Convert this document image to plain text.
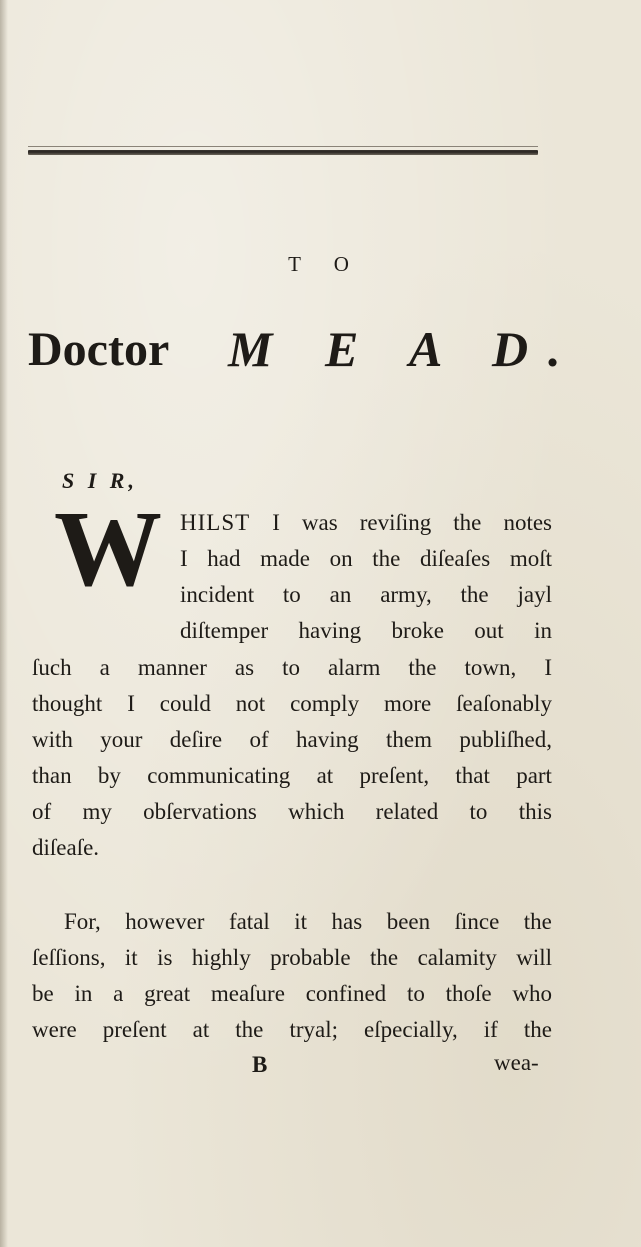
T O
Doctor M E A D.
S I R,
W HILST I was reviſing the notes
I had made on the diſeaſes moſt
incident to an army, the jayl
diſtemper having broke out in
ſuch a manner as to alarm the town, I
thought I could not comply more ſeaſonably
with your deſire of having them publiſhed,
than by communicating at preſent, that part
of my obſervations which related to this
diſeaſe.
For, however fatal it has been ſince the
ſeſſions, it is highly probable the calamity will
be in a great meaſure confined to thoſe who
were preſent at the tryal; eſpecially, if the
B	wea-
